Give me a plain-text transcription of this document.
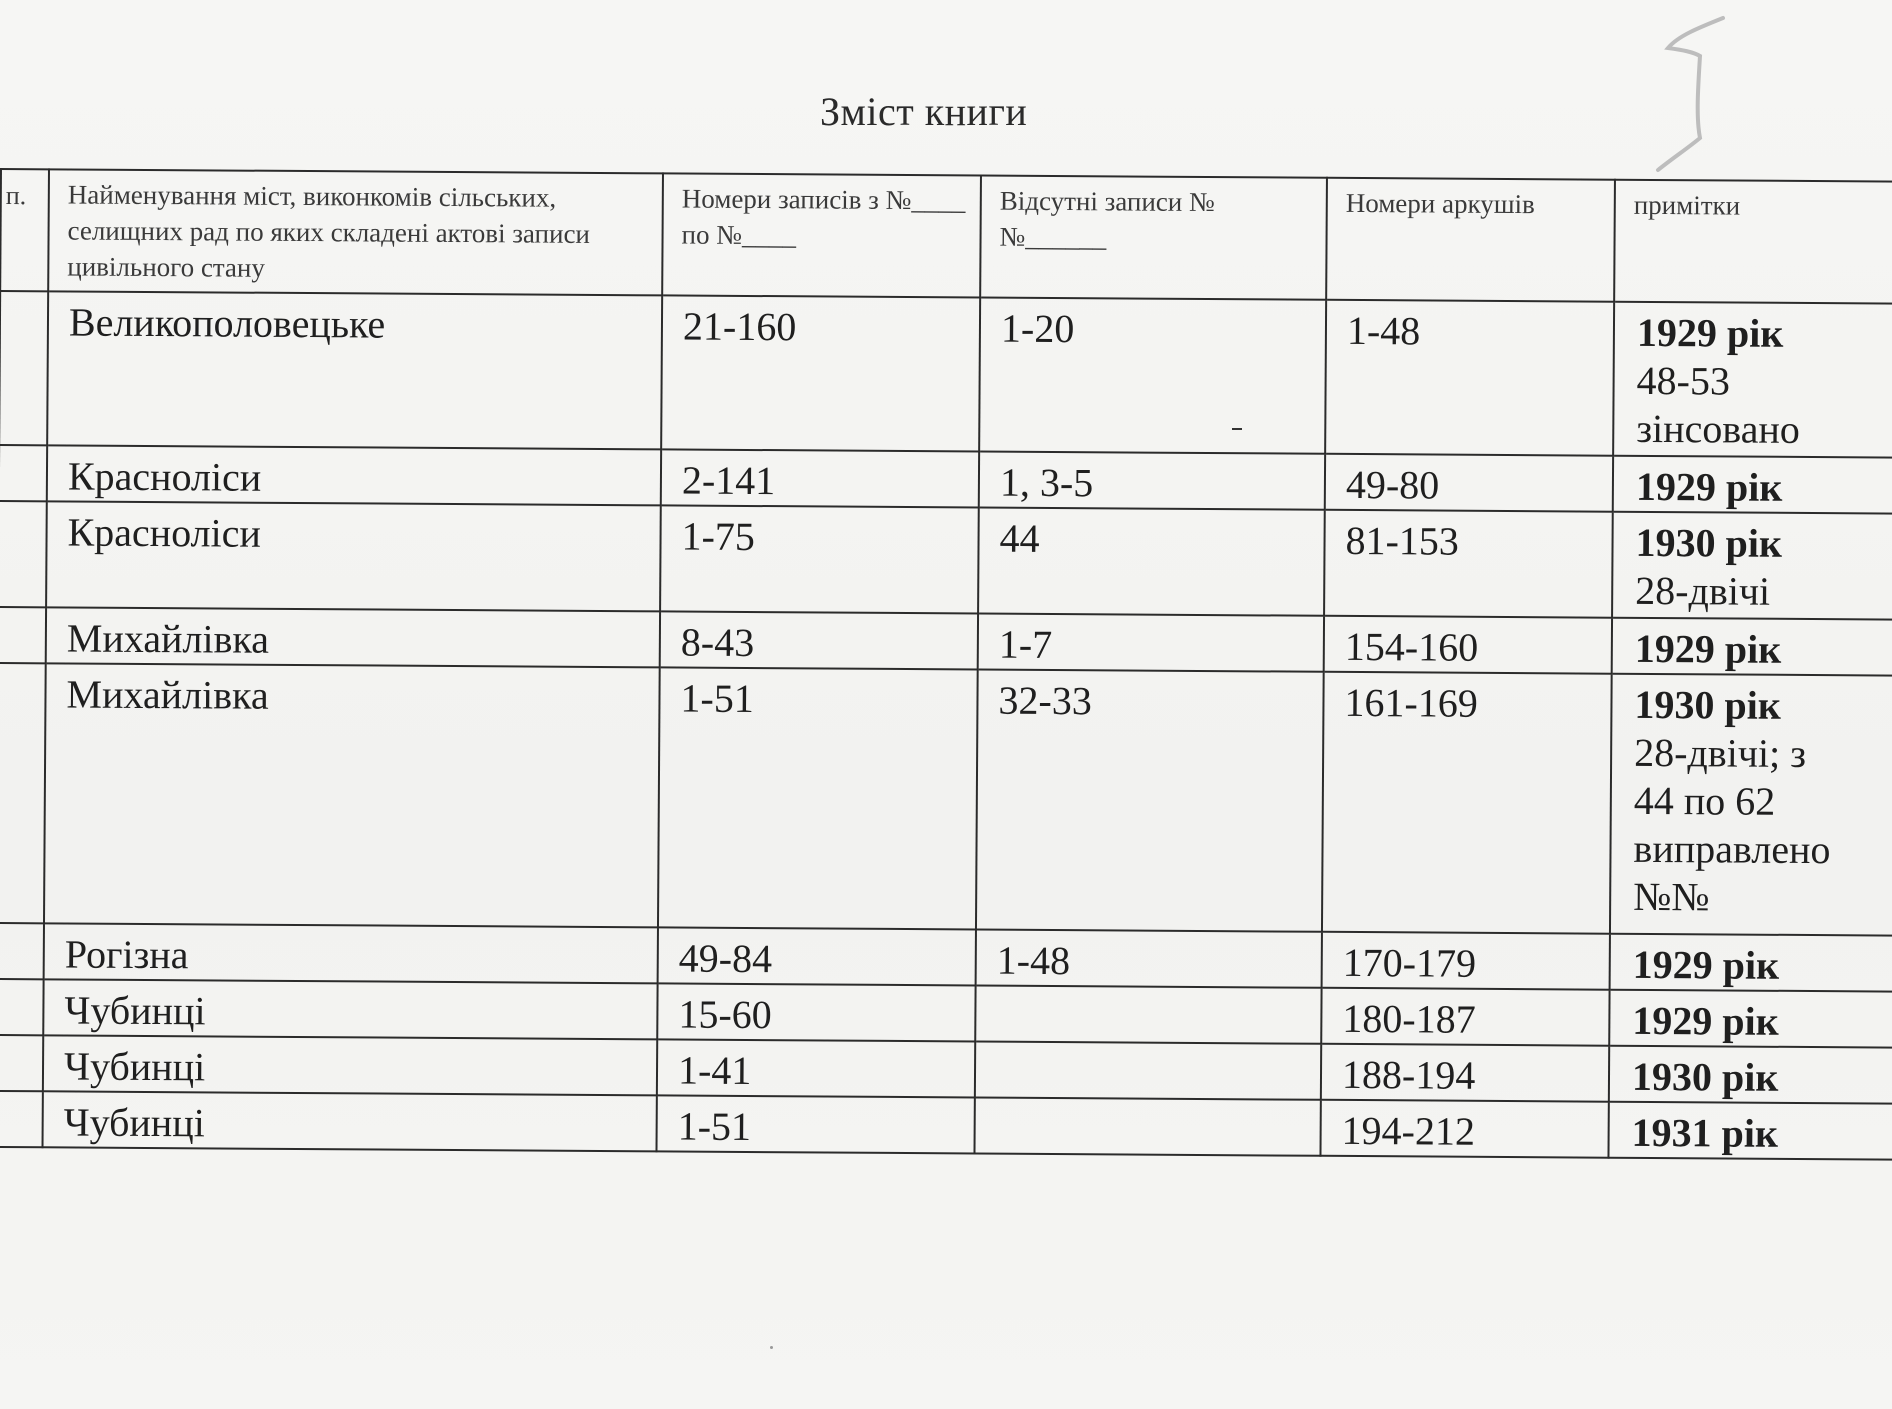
Зміст книги
п.	Найменування міст, виконкомів сільських, селищних рад по яких складені актові записи цивільного стану	Номери записів з №____ по №____	Відсутні записи №№______	Номери аркушів	примітки
	Великополовецьке	21-160	1-20	1-48	1929 рік
48-53
зінсовано

	Красноліси	2-141	1, 3-5	49-80	1929 рік

	Красноліси	1-75	44	81-153	1930 рік
28-двічі

	Михайлівка	8-43	1-7	154-160	1929 рік

	Михайлівка	1-51	32-33	161-169	1930 рік
28-двічі; з
44 по 62
виправлено
№№

	Рогізна	49-84	1-48	170-179	1929 рік

	Чубинці	15-60		180-187	1929 рік

	Чубинці	1-41		188-194	1930 рік

	Чубинці	1-51		194-212	1931 рік
